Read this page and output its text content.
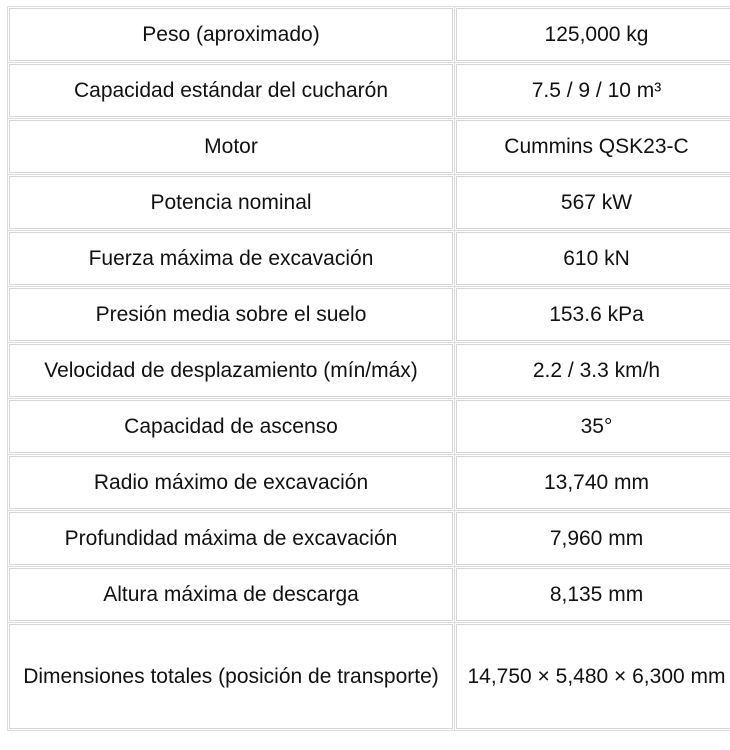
Peso (aproximado)	125,000 kg
Capacidad estándar del cucharón	7.5 / 9 / 10 m³
Motor	Cummins QSK23-C
Potencia nominal	567 kW
Fuerza máxima de excavación	610 kN
Presión media sobre el suelo	153.6 kPa
Velocidad de desplazamiento (mín/máx)	2.2 / 3.3 km/h
Capacidad de ascenso	35°
Radio máximo de excavación	13,740 mm
Profundidad máxima de excavación	7,960 mm
Altura máxima de descarga	8,135 mm
Dimensiones totales (posición de transporte)	14,750 × 5,480 × 6,300 mm
